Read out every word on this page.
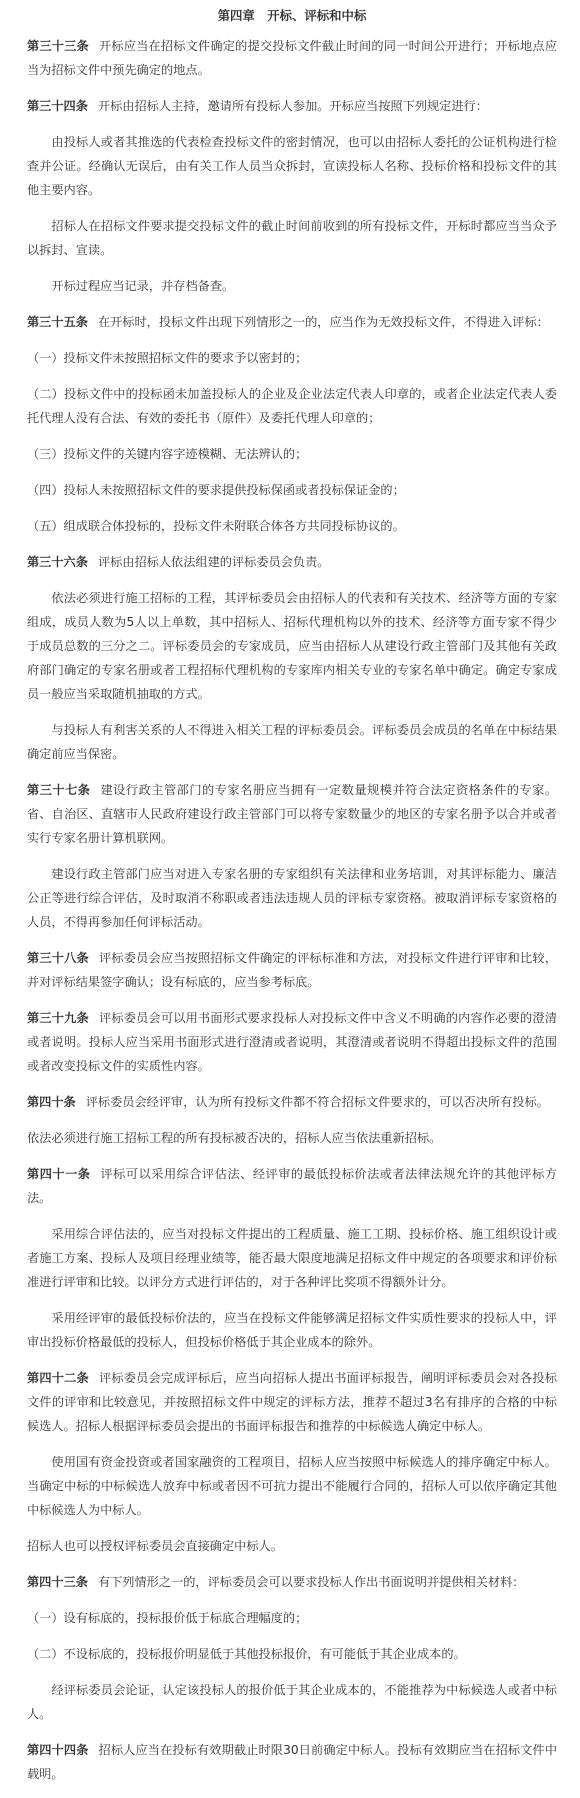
第四章　开标、评标和中标
第三十三条 开标应当在招标文件确定的提交投标文件截止时间的同一时间公开进行；开标地点应当为招标文件中预先确定的地点。
第三十四条 开标由招标人主持，邀请所有投标人参加。开标应当按照下列规定进行：
由投标人或者其推选的代表检查投标文件的密封情况，也可以由招标人委托的公证机构进行检查并公证。经确认无误后，由有关工作人员当众拆封，宣读投标人名称、投标价格和投标文件的其他主要内容。
招标人在招标文件要求提交投标文件的截止时间前收到的所有投标文件，开标时都应当当众予以拆封、宣读。
开标过程应当记录，并存档备查。
第三十五条 在开标时，投标文件出现下列情形之一的，应当作为无效投标文件，不得进入评标：
（一）投标文件未按照招标文件的要求予以密封的；
（二）投标文件中的投标函未加盖投标人的企业及企业法定代表人印章的，或者企业法定代表人委托代理人没有合法、有效的委托书（原件）及委托代理人印章的；
（三）投标文件的关键内容字迹模糊、无法辨认的；
（四）投标人未按照招标文件的要求提供投标保函或者投标保证金的；
（五）组成联合体投标的，投标文件未附联合体各方共同投标协议的。
第三十六条 评标由招标人依法组建的评标委员会负责。
依法必须进行施工招标的工程，其评标委员会由招标人的代表和有关技术、经济等方面的专家组成，成员人数为5人以上单数，其中招标人、招标代理机构以外的技术、经济等方面专家不得少于成员总数的三分之二。评标委员会的专家成员，应当由招标人从建设行政主管部门及其他有关政府部门确定的专家名册或者工程招标代理机构的专家库内相关专业的专家名单中确定。确定专家成员一般应当采取随机抽取的方式。
与投标人有利害关系的人不得进入相关工程的评标委员会。评标委员会成员的名单在中标结果确定前应当保密。
第三十七条 建设行政主管部门的专家名册应当拥有一定数量规模并符合法定资格条件的专家。省、自治区、直辖市人民政府建设行政主管部门可以将专家数量少的地区的专家名册予以合并或者实行专家名册计算机联网。
建设行政主管部门应当对进入专家名册的专家组织有关法律和业务培训，对其评标能力、廉洁公正等进行综合评估，及时取消不称职或者违法违规人员的评标专家资格。被取消评标专家资格的人员，不得再参加任何评标活动。
第三十八条 评标委员会应当按照招标文件确定的评标标准和方法，对投标文件进行评审和比较，并对评标结果签字确认；设有标底的，应当参考标底。
第三十九条 评标委员会可以用书面形式要求投标人对投标文件中含义不明确的内容作必要的澄清或者说明。投标人应当采用书面形式进行澄清或者说明，其澄清或者说明不得超出投标文件的范围或者改变投标文件的实质性内容。
第四十条 评标委员会经评审，认为所有投标文件都不符合招标文件要求的，可以否决所有投标。
依法必须进行施工招标工程的所有投标被否决的，招标人应当依法重新招标。
第四十一条 评标可以采用综合评估法、经评审的最低投标价法或者法律法规允许的其他评标方法。
采用综合评估法的，应当对投标文件提出的工程质量、施工工期、投标价格、施工组织设计或者施工方案、投标人及项目经理业绩等，能否最大限度地满足招标文件中规定的各项要求和评价标准进行评审和比较。以评分方式进行评估的，对于各种评比奖项不得额外计分。
采用经评审的最低投标价法的，应当在投标文件能够满足招标文件实质性要求的投标人中，评审出投标价格最低的投标人，但投标价格低于其企业成本的除外。
第四十二条 评标委员会完成评标后，应当向招标人提出书面评标报告，阐明评标委员会对各投标文件的评审和比较意见，并按照招标文件中规定的评标方法，推荐不超过3名有排序的合格的中标候选人。招标人根据评标委员会提出的书面评标报告和推荐的中标候选人确定中标人。
使用国有资金投资或者国家融资的工程项目，招标人应当按照中标候选人的排序确定中标人。当确定中标的中标候选人放弃中标或者因不可抗力提出不能履行合同的，招标人可以依序确定其他中标候选人为中标人。
招标人也可以授权评标委员会直接确定中标人。
第四十三条 有下列情形之一的，评标委员会可以要求投标人作出书面说明并提供相关材料：
（一）设有标底的，投标报价低于标底合理幅度的；
（二）不设标底的，投标报价明显低于其他投标报价，有可能低于其企业成本的。
经评标委员会论证，认定该投标人的报价低于其企业成本的，不能推荐为中标候选人或者中标人。
第四十四条 招标人应当在投标有效期截止时限30日前确定中标人。投标有效期应当在招标文件中载明。
